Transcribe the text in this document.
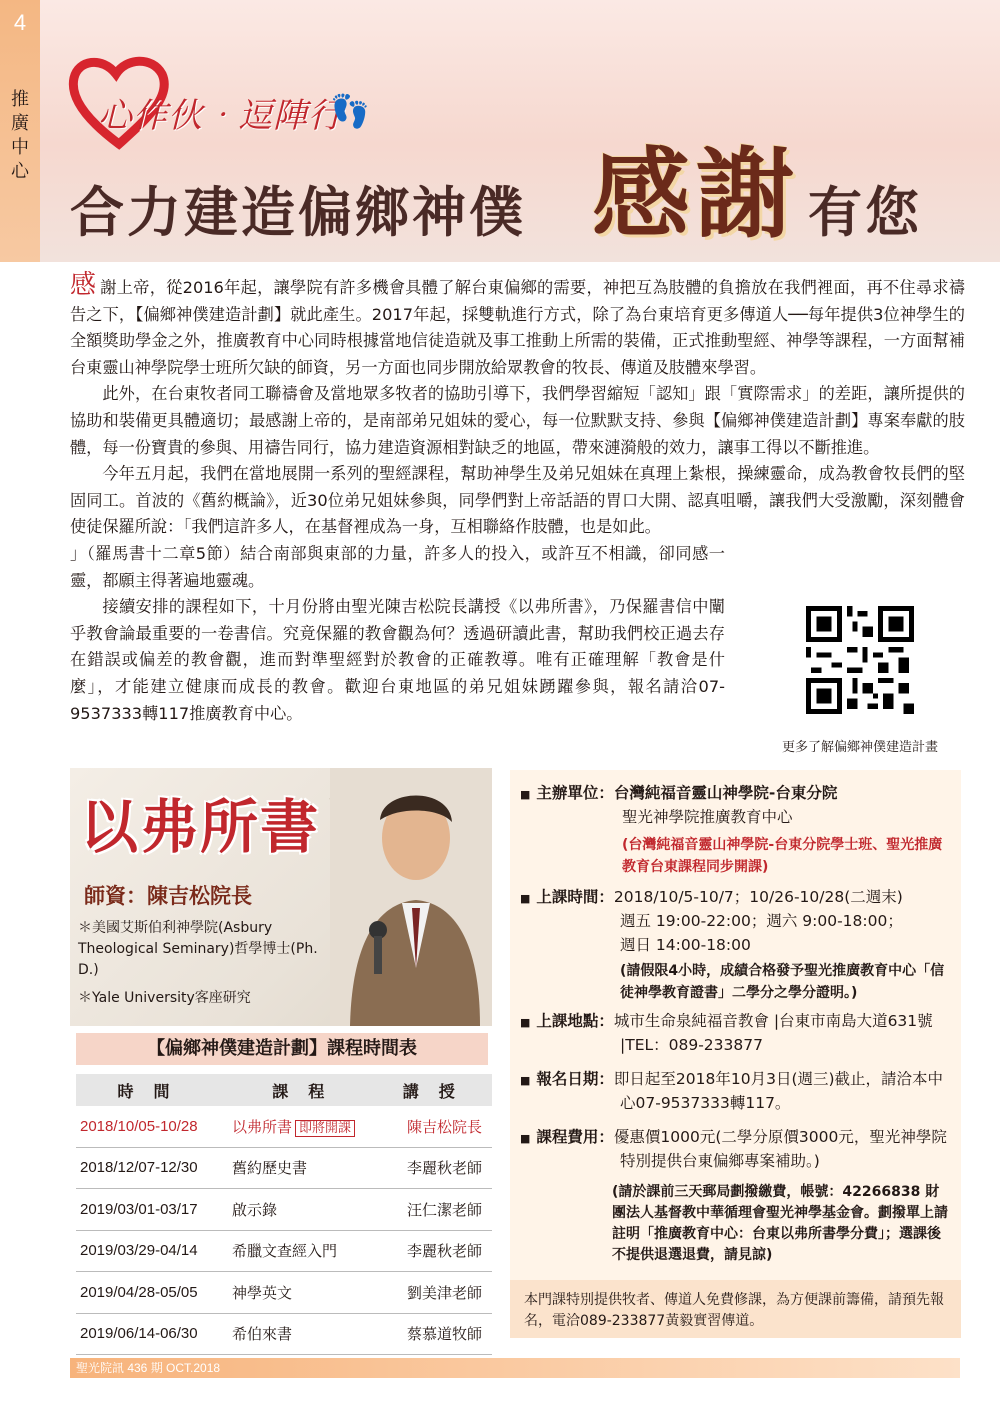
4
推廣中心
心作伙‧逗陣行
👣
合力建造偏鄉神僕 感謝 有您

感謝上帝，從2016年起，讓學院有許多機會具體了解台東偏鄉的需要，神把互為肢體的負擔放在我們裡面，再不住尋求禱告之下，【偏鄉神僕建造計劃】就此產生。2017年起，採雙軌進行方式，除了為台東培育更多傳道人──每年提供3位神學生的全額獎助學金之外，推廣教育中心同時根據當地信徒造就及事工推動上所需的裝備，正式推動聖經、神學等課程，一方面幫補台東靈山神學院學士班所欠缺的師資，另一方面也同步開放給眾教會的牧長、傳道及肢體來學習。

此外，在台東牧者同工聯禱會及當地眾多牧者的協助引導下，我們學習縮短「認知」跟「實際需求」的差距，讓所提供的協助和裝備更具體適切；最感謝上帝的，是南部弟兄姐妹的愛心，每一位默默支持、參與【偏鄉神僕建造計劃】專案奉獻的肢體，每一份寶貴的參與、用禱告同行，協力建造資源相對缺乏的地區，帶來漣漪般的效力，讓事工得以不斷推進。

今年五月起，我們在當地展開一系列的聖經課程，幫助神學生及弟兄姐妹在真理上紮根，操練靈命，成為教會牧長們的堅固同工。首波的《舊約概論》，近30位弟兄姐妹參與，同學們對上帝話語的胃口大開、認真咀嚼，讓我們大受激勵，深刻體會使徒保羅所說：「我們這許多人，在基督裡成為一身，互相聯絡作肢體，也是如此。

」（羅馬書十二章5節）結合南部與東部的力量，許多人的投入，或許互不相識，卻同感一靈，都願主得著遍地靈魂。

接續安排的課程如下，十月份將由聖光陳吉松院長講授《以弗所書》，乃保羅書信中闡乎教會論最重要的一卷書信。究竟保羅的教會觀為何？透過研讀此書，幫助我們校正過去存在錯誤或偏差的教會觀，進而對準聖經對於教會的正確教導。唯有正確理解「教會是什麼」，才能建立健康而成長的教會。歡迎台東地區的弟兄姐妹踴躍參與，報名請洽07-9537333轉117推廣教育中心。

更多了解偏鄉神僕建造計畫
以弗所書
師資：陳吉松院長
＊美國艾斯伯利神學院(Asbury Theological Seminary)哲學博士(Ph. D.)
＊Yale University客座研究
【偏鄉神僕建造計劃】課程時間表
時間	課程	講授
2018/10/05-10/28	以弗所書 即將開課	陳吉松院長
2018/12/07-12/30	舊約歷史書	李麗秋老師
2019/03/01-03/17	啟示錄	汪仁潔老師
2019/03/29-04/14	希臘文查經入門	李麗秋老師
2019/04/28-05/05	神學英文	劉美津老師
2019/06/14-06/30	希伯來書	蔡慕道牧師
■ 主辦單位：台灣純福音靈山神學院-台東分院
聖光神學院推廣教育中心
(台灣純福音靈山神學院-台東分院學士班、聖光推廣教育台東課程同步開課)
■ 上課時間：2018/10/5-10/7；10/26-10/28(二週末)
週五 19:00-22:00；週六 9:00-18:00；
週日 14:00-18:00
(請假限4小時，成績合格發予聖光推廣教育中心「信徒神學教育證書」二學分之學分證明。)
■ 上課地點：城市生命泉純福音教會 |台東市南島大道631號 |TEL：089-233877
■ 報名日期：即日起至2018年10月3日(週三)截止，請洽本中心07-9537333轉117。
■ 課程費用：優惠價1000元(二學分原價3000元，聖光神學院特別提供台東偏鄉專案補助。)
(請於課前三天郵局劃撥繳費，帳號：42266838 財團法人基督教中華循理會聖光神學基金會。劃撥單上請註明「推廣教育中心：台東以弗所書學分費」；選課後不提供退選退費，請見諒)
本門課特別提供牧者、傳道人免費修課，為方便課前籌備，請預先報名，電洽089-233877黃毅實習傳道。
聖光院訊 436 期 OCT.2018
